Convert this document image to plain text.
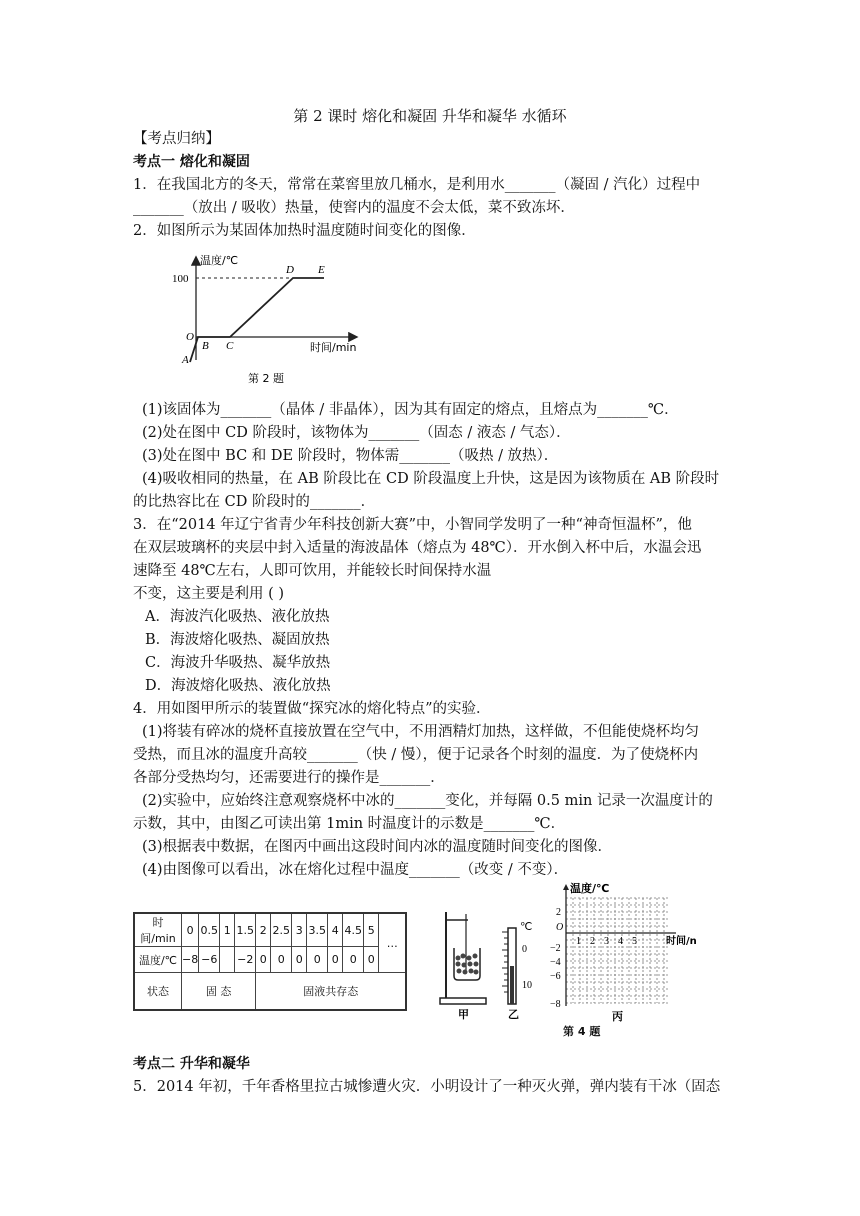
第 2 课时 熔化和凝固 升华和凝华 水循环
【考点归纳】
考点一 熔化和凝固
1．在我国北方的冬天，常常在菜窖里放几桶水，是利用水_______（凝固 / 汽化）过程中
_______（放出 / 吸收）热量，使窖内的温度不会太低，菜不致冻坏．
2．如图所示为某固体加热时温度随时间变化的图像．
温度/℃
100
O
A
B C
D E
时间/min
第 2 题
(1)该固体为_______（晶体 / 非晶体），因为其有固定的熔点，且熔点为_______℃．
(2)处在图中 CD 阶段时，该物体为_______（固态 / 液态 / 气态）．
(3)处在图中 BC 和 DE 阶段时，物体需_______（吸热 / 放热）．
(4)吸收相同的热量，在 AB 阶段比在 CD 阶段温度上升快，这是因为该物质在 AB 阶段时
的比热容比在 CD 阶段时的_______．
3．在“2014 年辽宁省青少年科技创新大赛”中，小智同学发明了一种“神奇恒温杯”，他
在双层玻璃杯的夹层中封入适量的海波晶体（熔点为 48℃）．开水倒入杯中后，水温会迅
速降至 48℃左右，人即可饮用，并能较长时间保持水温
不变，这主要是利用 ( )
A．海波汽化吸热、液化放热
B．海波熔化吸热、凝固放热
C．海波升华吸热、凝华放热
D．海波熔化吸热、液化放热
4．用如图甲所示的装置做“探究冰的熔化特点”的实验．
(1)将装有碎冰的烧杯直接放置在空气中，不用酒精灯加热，这样做，不但能使烧杯均匀
受热，而且冰的温度升高较_______（快 / 慢），便于记录各个时刻的温度．为了使烧杯内
各部分受热均匀，还需要进行的操作是_______．
(2)实验中，应始终注意观察烧杯中冰的_______变化，并每隔 0.5 min 记录一次温度计的
示数，其中，由图乙可读出第 1min 时温度计的示数是_______℃．
(3)根据表中数据，在图丙中画出这段时间内冰的温度随时间变化的图像．
(4)由图像可以看出，冰在熔化过程中温度_______（改变 / 不变）．
时间/min	0	0.5	1	1.5	2	2.5	3	3.5	4	4.5	5	…
温度/℃	−8	−6		−2	0	0	0	0	0	0	0	
状态	固 态				固液共存态							
甲
℃
0
10
乙
温度/℃
O
2
−2
−4
−6
−8
1 2 3 4 5	时间/n
丙
第 4 题
考点二 升华和凝华
5．2014 年初，千年香格里拉古城惨遭火灾．小明设计了一种灭火弹，弹内装有干冰（固态
